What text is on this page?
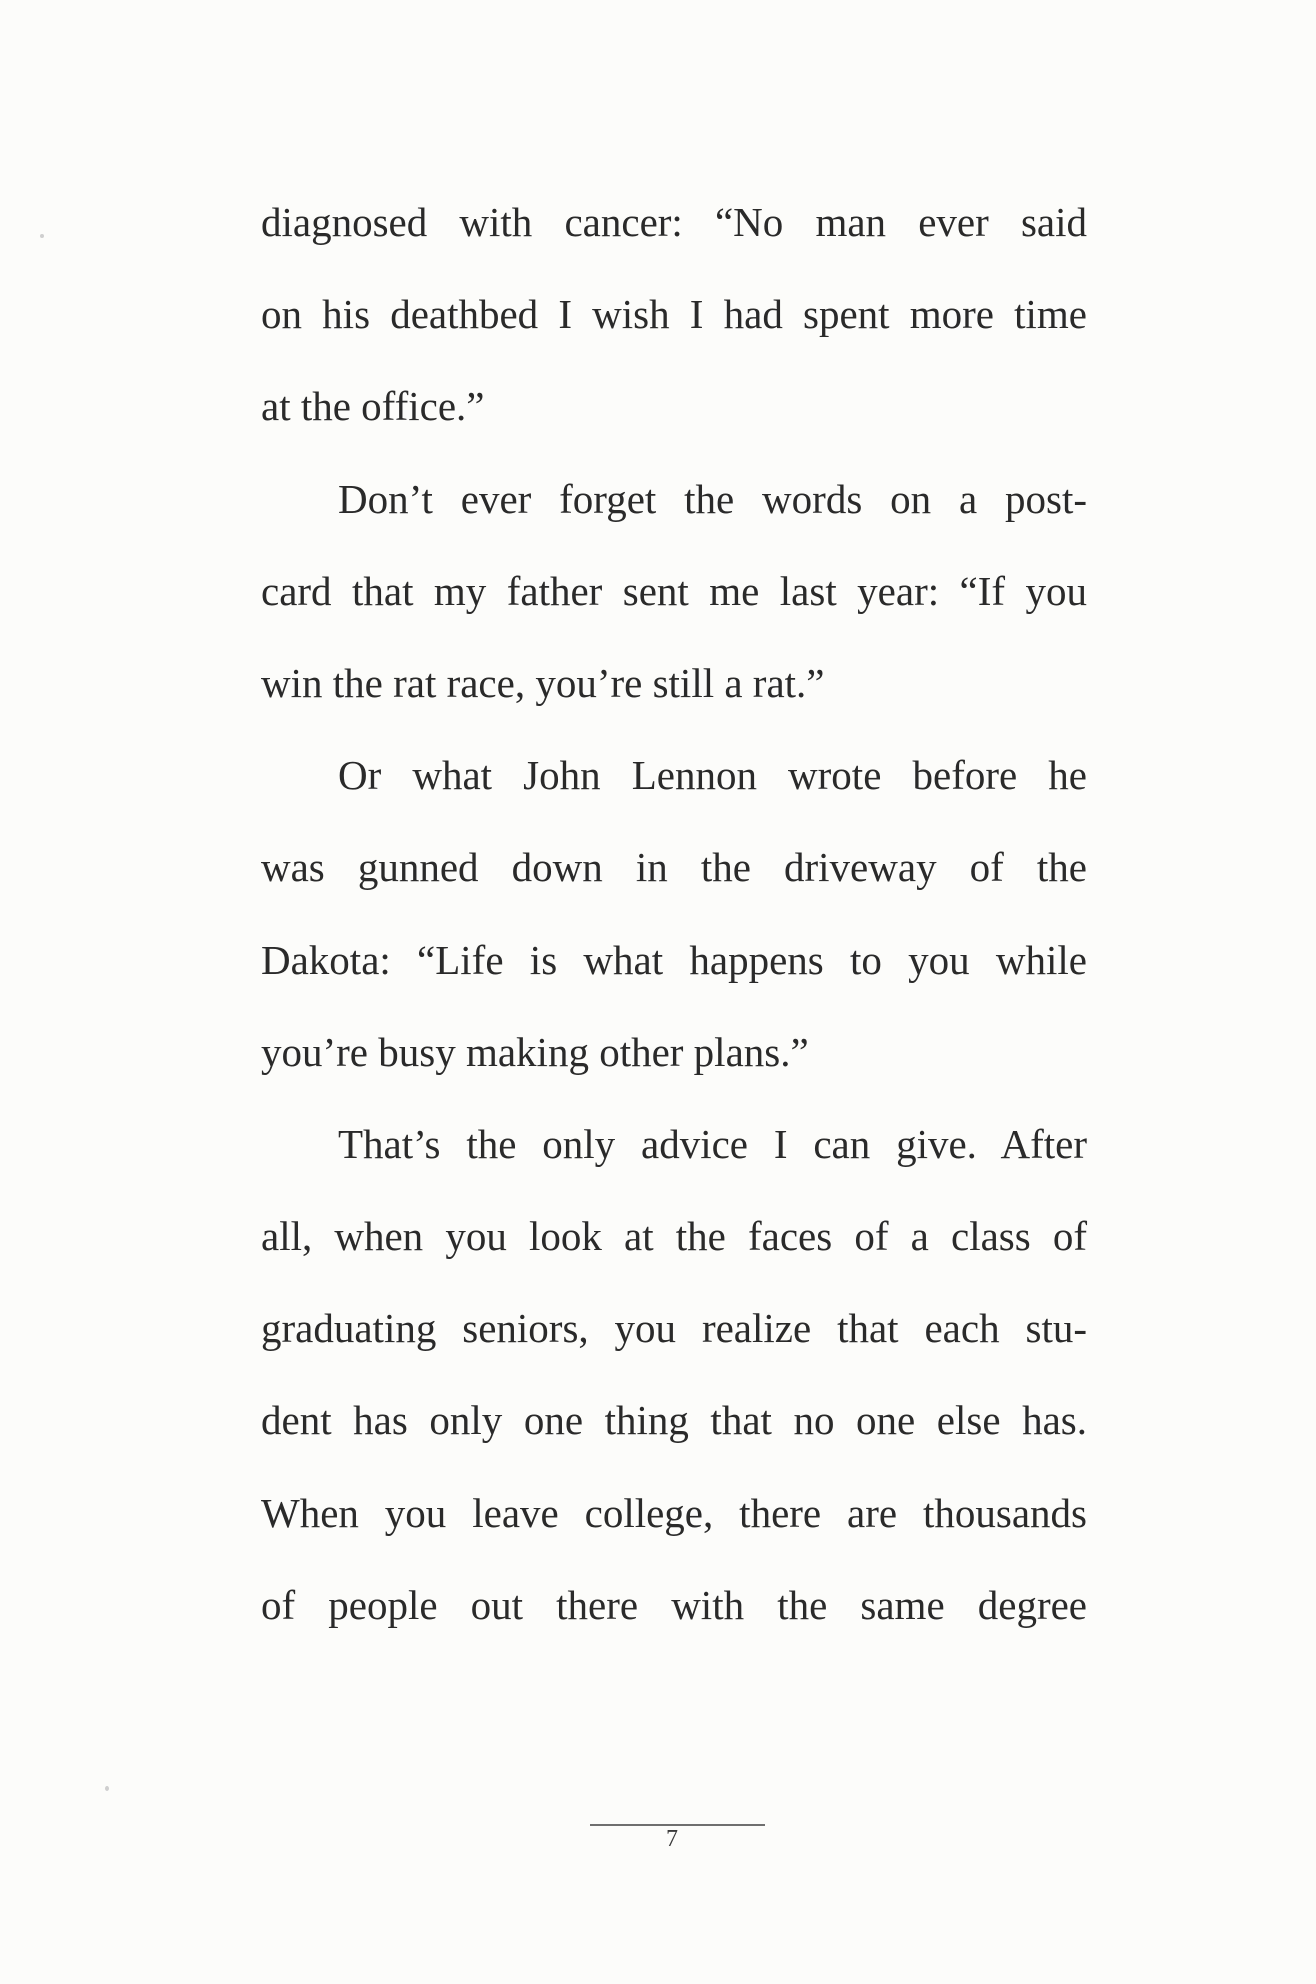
diagnosed with cancer: “No man ever said
on his deathbed I wish I had spent more time
at the office.”
Don’t ever forget the words on a post-
card that my father sent me last year: “If you
win the rat race, you’re still a rat.”
Or what John Lennon wrote before he
was gunned down in the driveway of the
Dakota: “Life is what happens to you while
you’re busy making other plans.”
That’s the only advice I can give. After
all, when you look at the faces of a class of
graduating seniors, you realize that each stu-
dent has only one thing that no one else has.
When you leave college, there are thousands
of people out there with the same degree
7
